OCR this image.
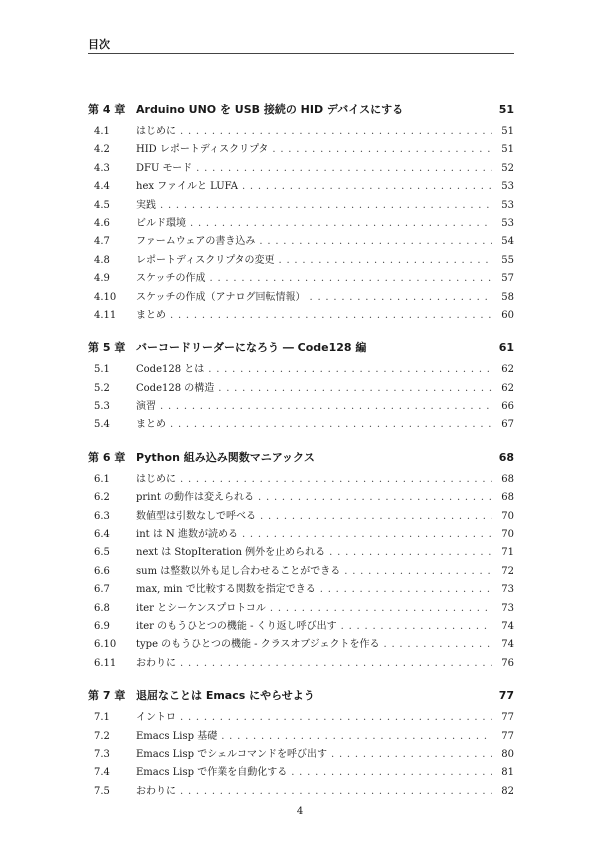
目次
第 4 章 Arduino UNO を USB 接続の HID デバイスにする	51
4.1	はじめに . . .	51
4.2	HID レポートディスクリプタ . . .	51
4.3	DFU モード . . .	52
4.4	hex ファイルと LUFA . . .	53
4.5	実践 . . .	53
4.6	ビルド環境 . . .	53
4.7	ファームウェアの書き込み . . .	54
4.8	レポートディスクリプタの変更 . . .	55
4.9	スケッチの作成 . . .	57
4.10	スケッチの作成（アナログ回転情報） . . .	58
4.11	まとめ . . .	60
第 5 章 バーコードリーダーになろう ― Code128 編	61
5.1	Code128 とは . . .	62
5.2	Code128 の構造 . . .	62
5.3	演習 . . .	66
5.4	まとめ . . .	67
第 6 章 Python 組み込み関数マニアックス	68
6.1	はじめに . . .	68
6.2	print の動作は変えられる . . .	68
6.3	数値型は引数なしで呼べる . . .	70
6.4	int は N 進数が読める . . .	70
6.5	next は StopIteration 例外を止められる . . .	71
6.6	sum は整数以外も足し合わせることができる . . .	72
6.7	max, min で比較する関数を指定できる . . .	73
6.8	iter とシーケンスプロトコル . . .	73
6.9	iter のもうひとつの機能 - くり返し呼び出す . . .	74
6.10	type のもうひとつの機能 - クラスオブジェクトを作る . . .	74
6.11	おわりに . . .	76
第 7 章 退屈なことは Emacs にやらせよう	77
7.1	イントロ . . .	77
7.2	Emacs Lisp 基礎 . . .	77
7.3	Emacs Lisp でシェルコマンドを呼び出す . . .	80
7.4	Emacs Lisp で作業を自動化する . . .	81
7.5	おわりに . . .	82
4
